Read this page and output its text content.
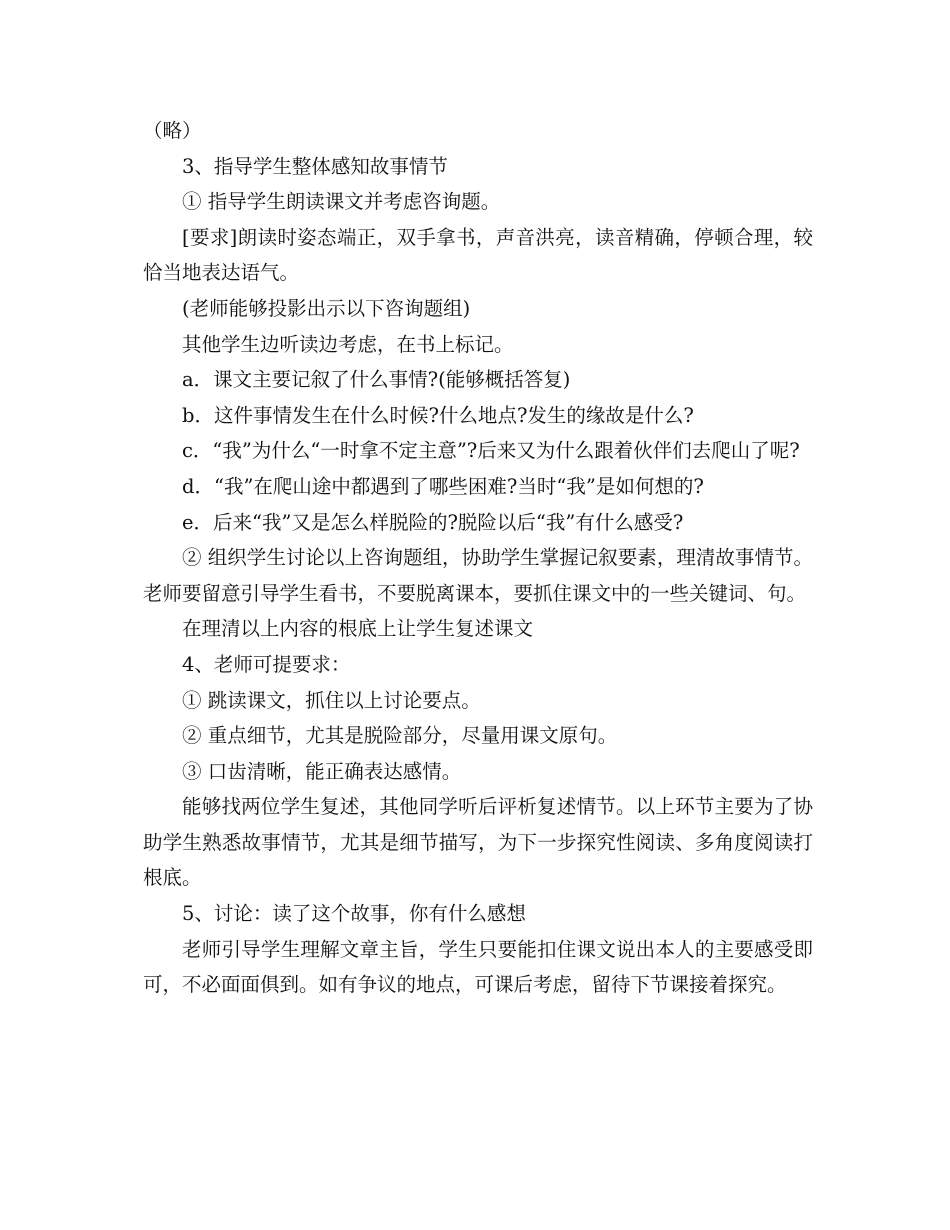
（略）

3、指导学生整体感知故事情节

① 指导学生朗读课文并考虑咨询题。

[要求]朗读时姿态端正，双手拿书，声音洪亮，读音精确，停顿合理，较恰当地表达语气。

(老师能够投影出示以下咨询题组)

其他学生边听读边考虑，在书上标记。

a．课文主要记叙了什么事情?(能够概括答复)

b．这件事情发生在什么时候?什么地点?发生的缘故是什么?

c．“我”为什么“一时拿不定主意”?后来又为什么跟着伙伴们去爬山了呢?

d．“我”在爬山途中都遇到了哪些困难?当时“我”是如何想的?

e．后来“我”又是怎么样脱险的?脱险以后“我”有什么感受?

② 组织学生讨论以上咨询题组，协助学生掌握记叙要素，理清故事情节。老师要留意引导学生看书，不要脱离课本，要抓住课文中的一些关键词、句。

在理清以上内容的根底上让学生复述课文

4、老师可提要求：

① 跳读课文，抓住以上讨论要点。

② 重点细节，尤其是脱险部分，尽量用课文原句。

③ 口齿清晰，能正确表达感情。

能够找两位学生复述，其他同学听后评析复述情节。以上环节主要为了协助学生熟悉故事情节，尤其是细节描写，为下一步探究性阅读、多角度阅读打根底。

5、讨论：读了这个故事，你有什么感想

老师引导学生理解文章主旨，学生只要能扣住课文说出本人的主要感受即可，不必面面俱到。如有争议的地点，可课后考虑，留待下节课接着探究。
